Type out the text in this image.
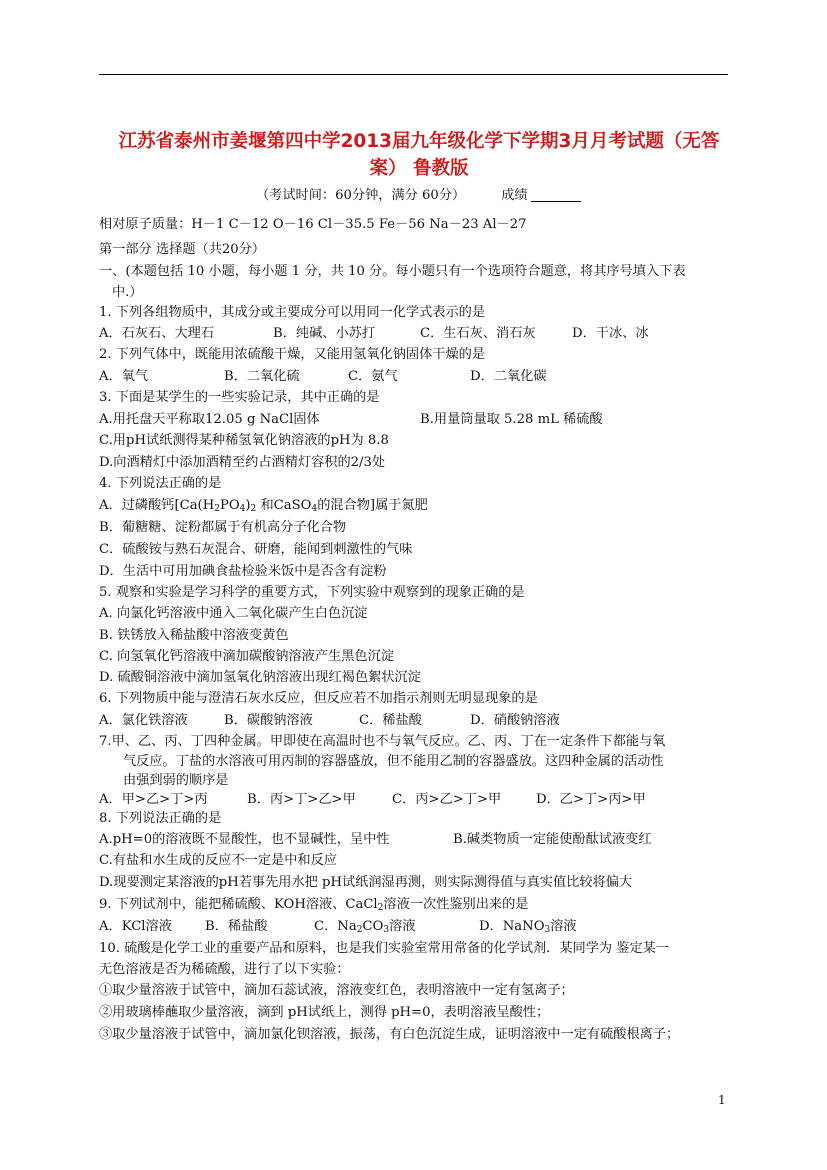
江苏省泰州市姜堰第四中学2013届九年级化学下学期3月月考试题（无答
案） 鲁教版
（考试时间：60分钟，满分 60分）	成绩
相对原子质量：H－1 C－12 O－16 Cl－35.5 Fe－56 Na－23 Al－27
第一部分 选择题（共20分）
一、(本题包括 10 小题，每小题 1 分，共 10 分。每小题只有一个选项符合题意，将其序号填入下表
中.）
1. 下列各组物质中，其成分或主要成分可以用同一化学式表示的是
A．石灰石、大理石	B．纯碱、小苏打	C．生石灰、消石灰	D．干冰、冰
2. 下列气体中，既能用浓硫酸干燥，又能用氢氧化钠固体干燥的是
A．氧气	B．二氧化硫	C．氨气	D．二氧化碳
3. 下面是某学生的一些实验记录，其中正确的是
A.用托盘天平称取12.05 g NaCl固体	B.用量筒量取 5.28 mL 稀硫酸
C.用pH试纸测得某种稀氢氧化钠溶液的pH为 8.8
D.向酒精灯中添加酒精至约占酒精灯容积的2/3处
4. 下列说法正确的是
A．过磷酸钙[$Ca(H_2PO_4)_2$ 和CaSO$_4$的混合物]属于氮肥
B．葡糖糖、淀粉都属于有机高分子化合物
C．硫酸铵与熟石灰混合、研磨，能闻到刺激性的气味
D．生活中可用加碘食盐检验米饭中是否含有淀粉
5. 观察和实验是学习科学的重要方式，下列实验中观察到的现象正确的是
A. 向氯化钙溶液中通入二氧化碳产生白色沉淀
B. 铁锈放入稀盐酸中溶液变黄色
C. 向氢氧化钙溶液中滴加碳酸钠溶液产生黑色沉淀
D. 硫酸铜溶液中滴加氢氧化钠溶液出现红褐色絮状沉淀
6. 下列物质中能与澄清石灰水反应，但反应若不加指示剂则无明显现象的是
A．氯化铁溶液	B．碳酸钠溶液	C．稀盐酸	D．硝酸钠溶液
7.甲、乙、丙、丁四种金属。甲即使在高温时也不与氧气反应。乙、丙、丁在一定条件下都能与氧
气反应。丁盐的水溶液可用丙制的容器盛放，但不能用乙制的容器盛放。这四种金属的活动性
由强到弱的顺序是
A．甲>乙>丁>丙	B．丙>丁>乙>甲	C．丙>乙>丁>甲	D．乙>丁>丙>甲
8. 下列说法正确的是
A.pH=0的溶液既不显酸性，也不显碱性，呈中性	B.碱类物质一定能使酚酞试液变红
C.有盐和水生成的反应不一定是中和反应
D.现要测定某溶液的pH若事先用水把 pH试纸润湿再测，则实际测得值与真实值比较将偏大
9. 下列试剂中，能把稀硫酸、KOH溶液、CaCl$_2$溶液一次性鉴别出来的是
A．KCl溶液	B．稀盐酸	C．$Na_2CO_3$溶液	D．NaNO$_3$溶液
10. 硫酸是化学工业的重要产品和原料，也是我们实验室常用常备的化学试剂．某同学为 鉴定某一
无色溶液是否为稀硫酸，进行了以下实验：
①取少量溶液于试管中，滴加石蕊试液，溶液变红色，表明溶液中一定有氢离子；
②用玻璃棒蘸取少量溶液，滴到 pH试纸上，测得 pH=0，表明溶液呈酸性；
③取少量溶液于试管中，滴加氯化钡溶液，振荡，有白色沉淀生成，证明溶液中一定有硫酸根离子；
1
